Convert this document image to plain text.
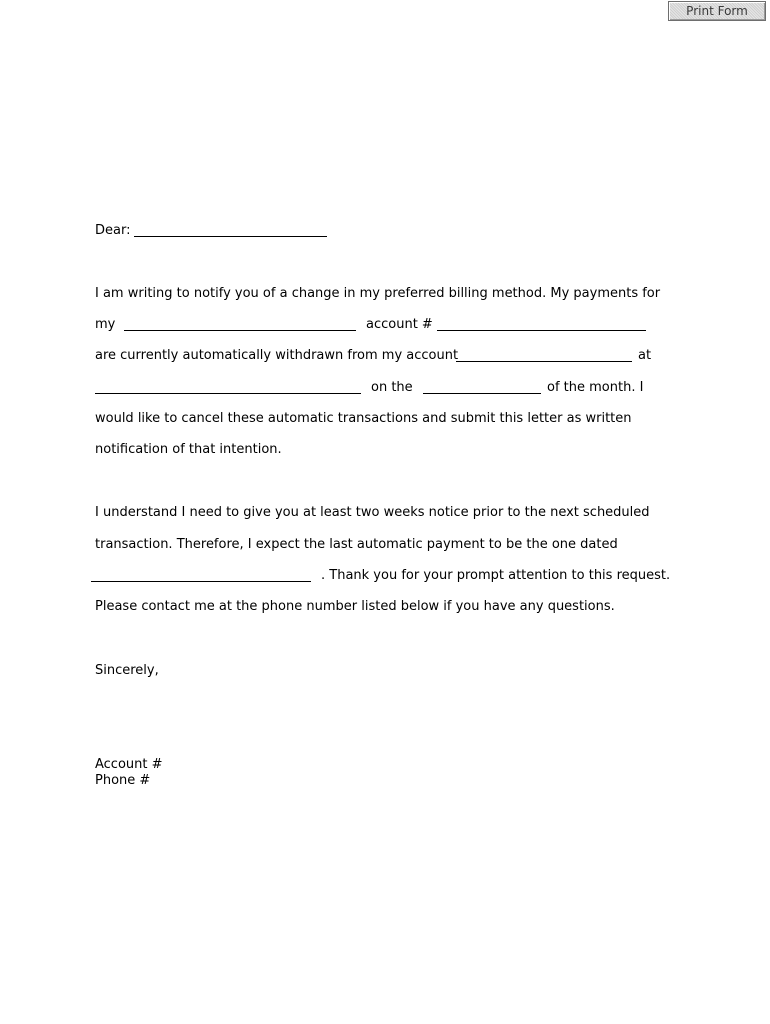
Print Form
Dear:
I am writing to notify you of a change in my preferred billing method. My payments for
my	account #
are currently automatically withdrawn from my account	at
on the	of the month. I
would like to cancel these automatic transactions and submit this letter as written
notification of that intention.
I understand I need to give you at least two weeks notice prior to the next scheduled
transaction. Therefore, I expect the last automatic payment to be the one dated
. Thank you for your prompt attention to this request.
Please contact me at the phone number listed below if you have any questions.
Sincerely,
Account #
Phone #
